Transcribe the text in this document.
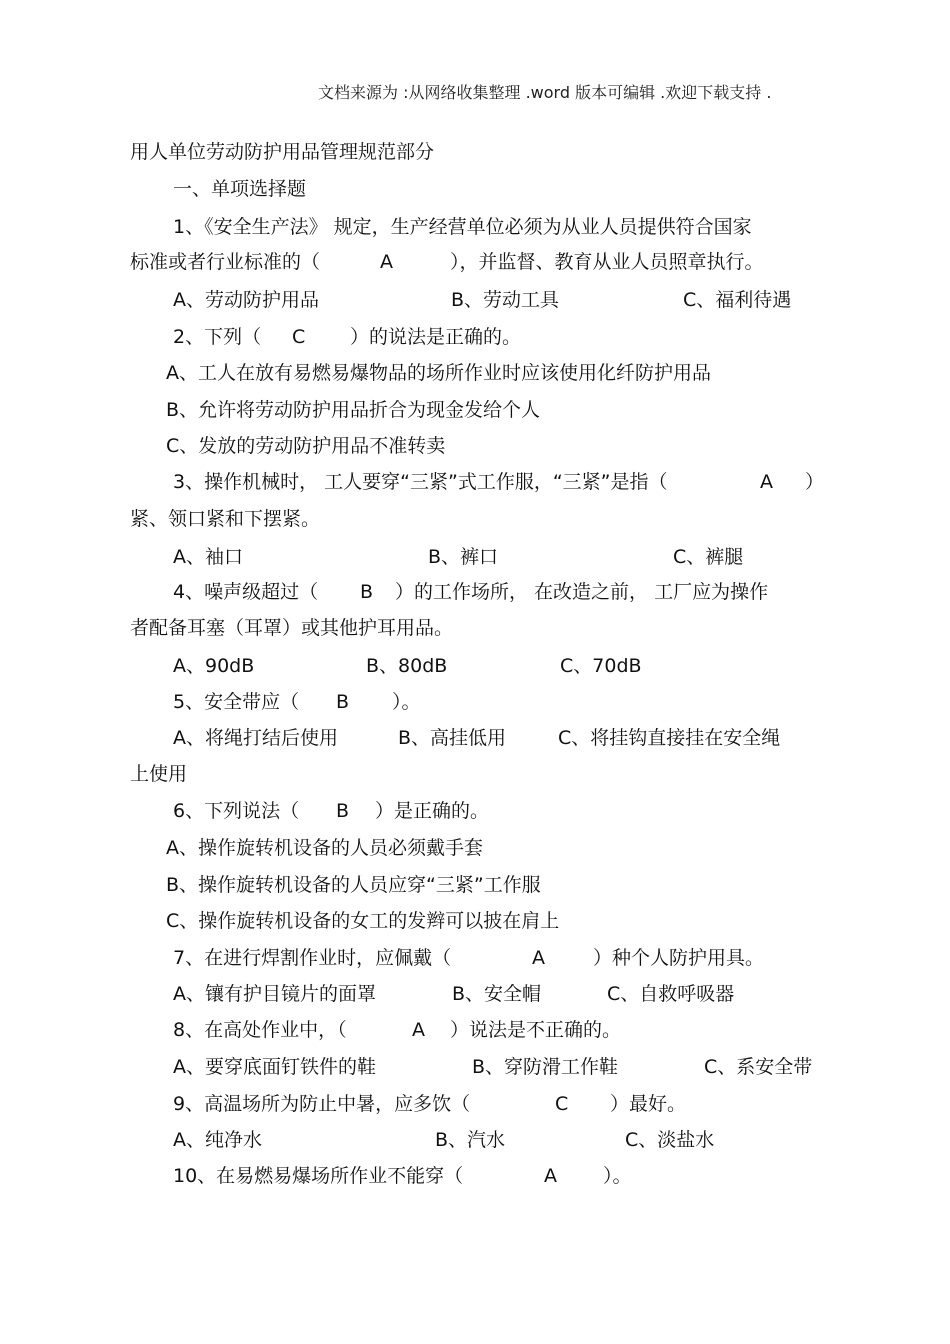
文档来源为 :从网络收集整理 .word 版本可编辑 .欢迎下载支持 .
用人单位劳动防护用品管理规范部分
一、单项选择题
1、《安全生产法》 规定，生产经营单位必须为从业人员提供符合国家
标准或者行业标准的（	A	），并监督、教育从业人员照章执行。
A、劳动防护用品	B、劳动工具	C、福利待遇
2、下列（ C ）的说法是正确的。
A、工人在放有易燃易爆物品的场所作业时应该使用化纤防护用品
B、允许将劳动防护用品折合为现金发给个人
C、发放的劳动防护用品不准转卖
3、操作机械时， 工人要穿“三紧”式工作服，“三紧”是指（	A ）
紧、领口紧和下摆紧。
A、袖口	B、裤口	C、裤腿
4、噪声级超过（ B ）的工作场所， 在改造之前， 工厂应为操作
者配备耳塞（耳罩）或其他护耳用品。
A、90dB	B、80dB	C、70dB
5、安全带应（ B ）。
A、将绳打结后使用	B、高挂低用	C、将挂钩直接挂在安全绳
上使用
6、下列说法（ B ）是正确的。
A、操作旋转机设备的人员必须戴手套
B、操作旋转机设备的人员应穿“三紧”工作服
C、操作旋转机设备的女工的发辫可以披在肩上
7、在进行焊割作业时，应佩戴（	A	）种个人防护用具。
A、镶有护目镜片的面罩	B、安全帽	C、自救呼吸器
8、在高处作业中，（	A ）说法是不正确的。
A、要穿底面钉铁件的鞋	B、穿防滑工作鞋	C、系安全带
9、高温场所为防止中暑，应多饮（	C ）最好。
A、纯净水	B、汽水	C、淡盐水
10、在易燃易爆场所作业不能穿（	A ）。
